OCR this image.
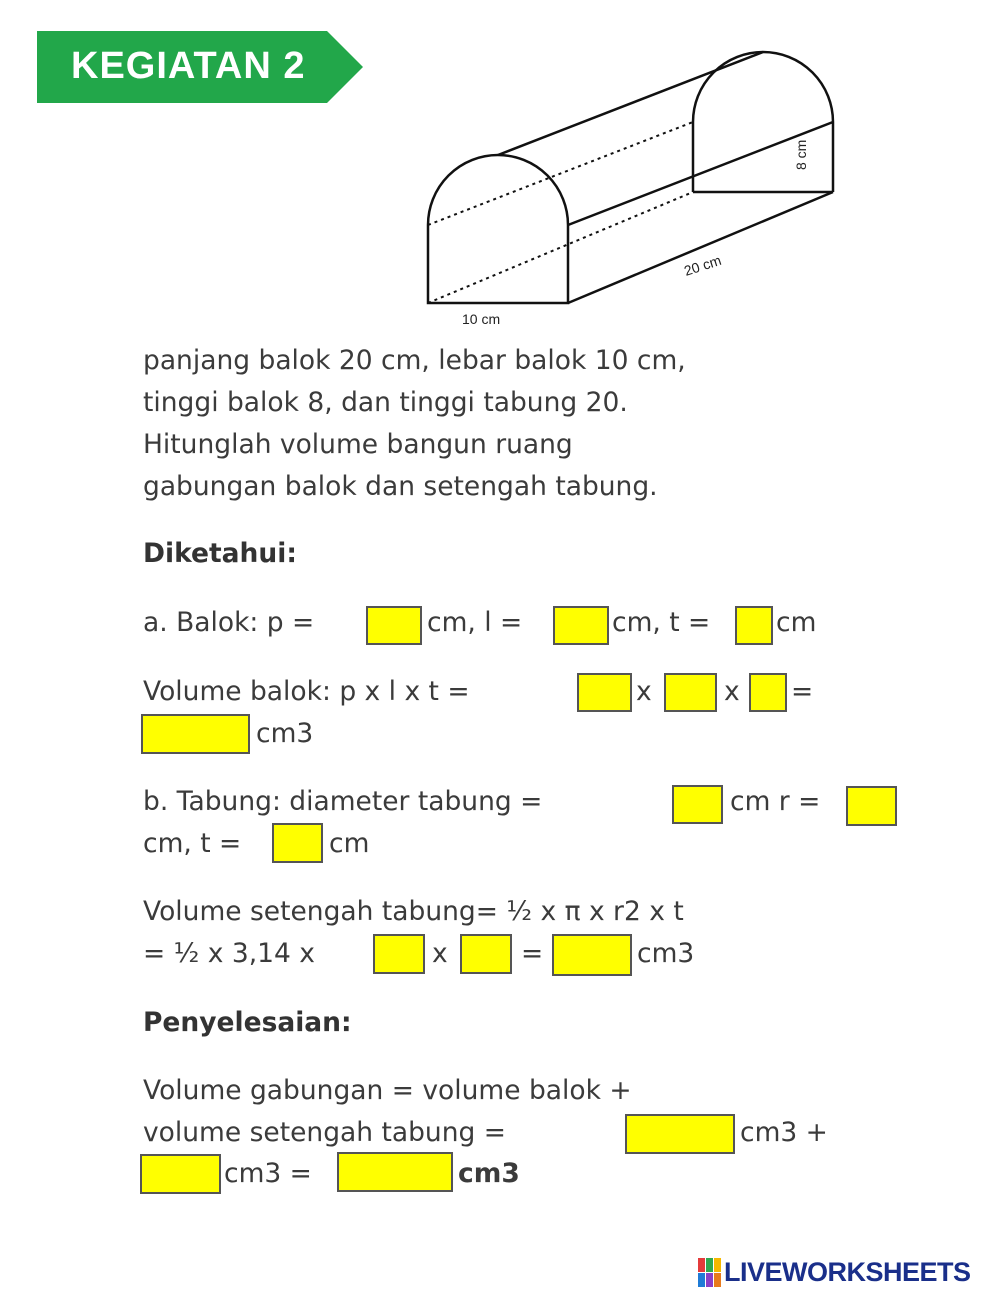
KEGIATAN 2
8 cm
20 cm
10 cm
panjang balok 20 cm, lebar balok 10 cm,
tinggi balok 8, dan tinggi tabung 20.
Hitunglah volume bangun ruang
gabungan balok dan setengah tabung.
Diketahui:
a. Balok: p =	cm, l =	cm, t = cm
Volume balok: p x l x t =	x	x =
cm3
b. Tabung: diameter tabung =	cm r =
cm, t =	cm
Volume setengah tabung= ½ x π x r2 x t
= ½ x 3,14 x	x	=	cm3
Penyelesaian:
Volume gabungan = volume balok +
volume setengah tabung =	cm3 +
cm3 =	cm3
LIVEWORKSHEETS
